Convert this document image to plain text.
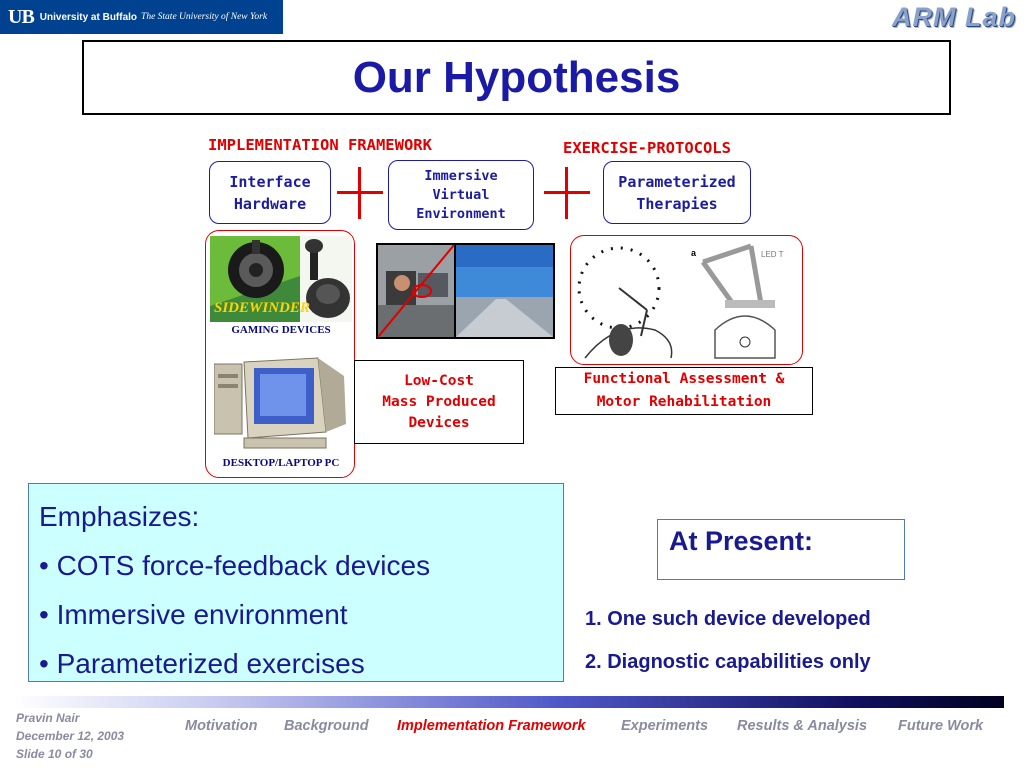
UB University at Buffalo The State University of New York	ARM Lab
Our Hypothesis
IMPLEMENTATION FRAMEWORK	EXERCISE-PROTOCOLS
Interface
Hardware
Immersive
Virtual
Environment
Parameterized
Therapies
SIDEWINDER
GAMING DEVICES
DESKTOP/LAPTOP PC
a	LED T
Low-Cost
Mass Produced
Devices
Functional Assessment &
Motor Rehabilitation
Emphasizes:
• COTS force-feedback devices
• Immersive environment
• Parameterized exercises
At Present:
1. One such device developed
2. Diagnostic capabilities only
Pravin Nair
December 12, 2003
Slide 10 of 30
Motivation Background Implementation Framework Experiments Results & Analysis Future Work
